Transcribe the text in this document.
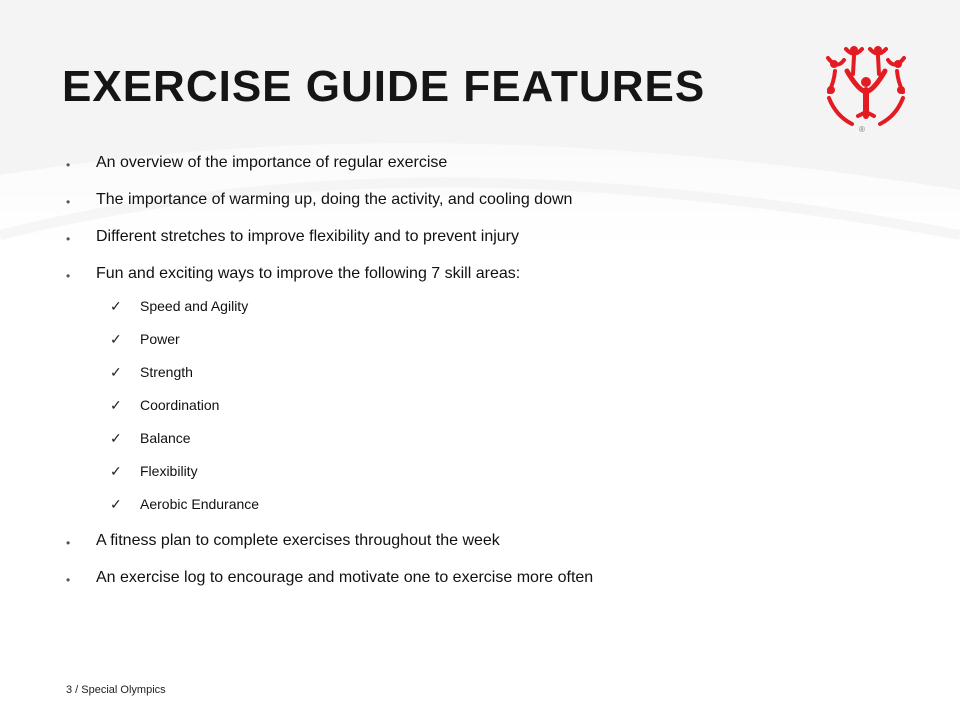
EXERCISE GUIDE FEATURES
®
• An overview of the importance of regular exercise
• The importance of warming up, doing the activity, and cooling down
• Different stretches to improve flexibility and to prevent injury
• Fun and exciting ways to improve the following 7 skill areas:
✓ Speed and Agility
✓ Power
✓ Strength
✓ Coordination
✓ Balance
✓ Flexibility
✓ Aerobic Endurance
• A fitness plan to complete exercises throughout the week
• An exercise log to encourage and motivate one to exercise more often
3 / Special Olympics
